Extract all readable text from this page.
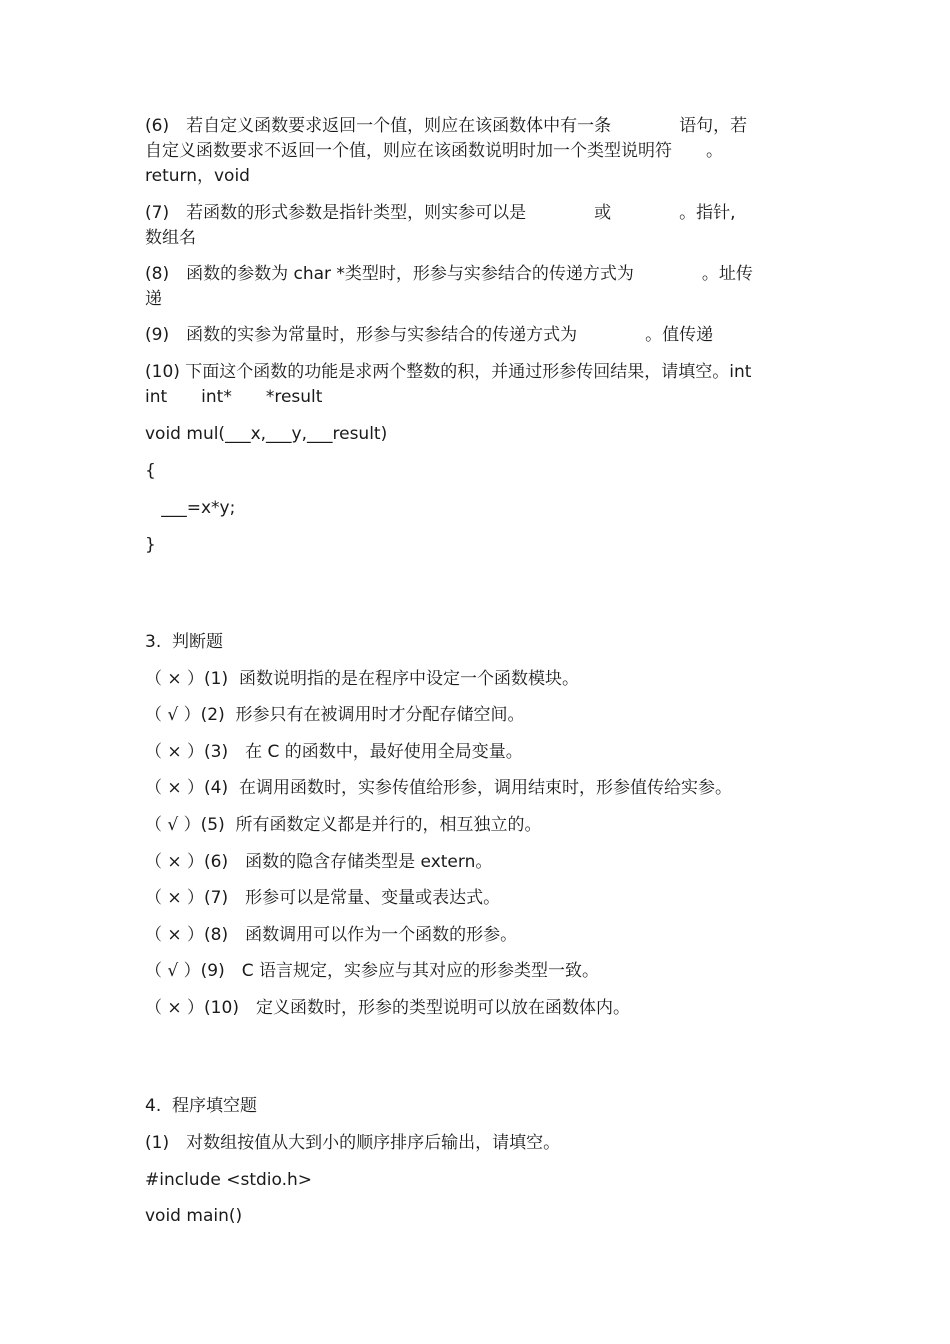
(6)　若自定义函数要求返回一个值，则应在该函数体中有一条　　　　语句，若
自定义函数要求不返回一个值，则应在该函数说明时加一个类型说明符　　。
return，void
(7)　若函数的形式参数是指针类型，则实参可以是　　　　或　　　　。指针,
数组名
(8)　函数的参数为 char *类型时，形参与实参结合的传递方式为　　　　。址传
递
(9)　函数的实参为常量时，形参与实参结合的传递方式为　　　　。值传递
(10) 下面这个函数的功能是求两个整数的积，并通过形参传回结果，请填空。int
int　　int*　　*result
void mul(___x,___y,___result)
{
___=x*y;
}
3.  判断题
（ × ）(1)  函数说明指的是在程序中设定一个函数模块。
（ √ ）(2)  形参只有在被调用时才分配存储空间。
（ × ）(3)　在 C 的函数中，最好使用全局变量。
（ × ）(4)  在调用函数时，实参传值给形参，调用结束时，形参值传给实参。
（ √ ）(5)  所有函数定义都是并行的，相互独立的。
（ × ）(6)　函数的隐含存储类型是 extern。
（ × ）(7)　形参可以是常量、变量或表达式。
（ × ）(8)　函数调用可以作为一个函数的形参。
（ √ ）(9)　C 语言规定，实参应与其对应的形参类型一致。
（ × ）(10)　定义函数时，形参的类型说明可以放在函数体内。
4.  程序填空题
(1)　对数组按值从大到小的顺序排序后输出，请填空。
#include <stdio.h>
void main()
